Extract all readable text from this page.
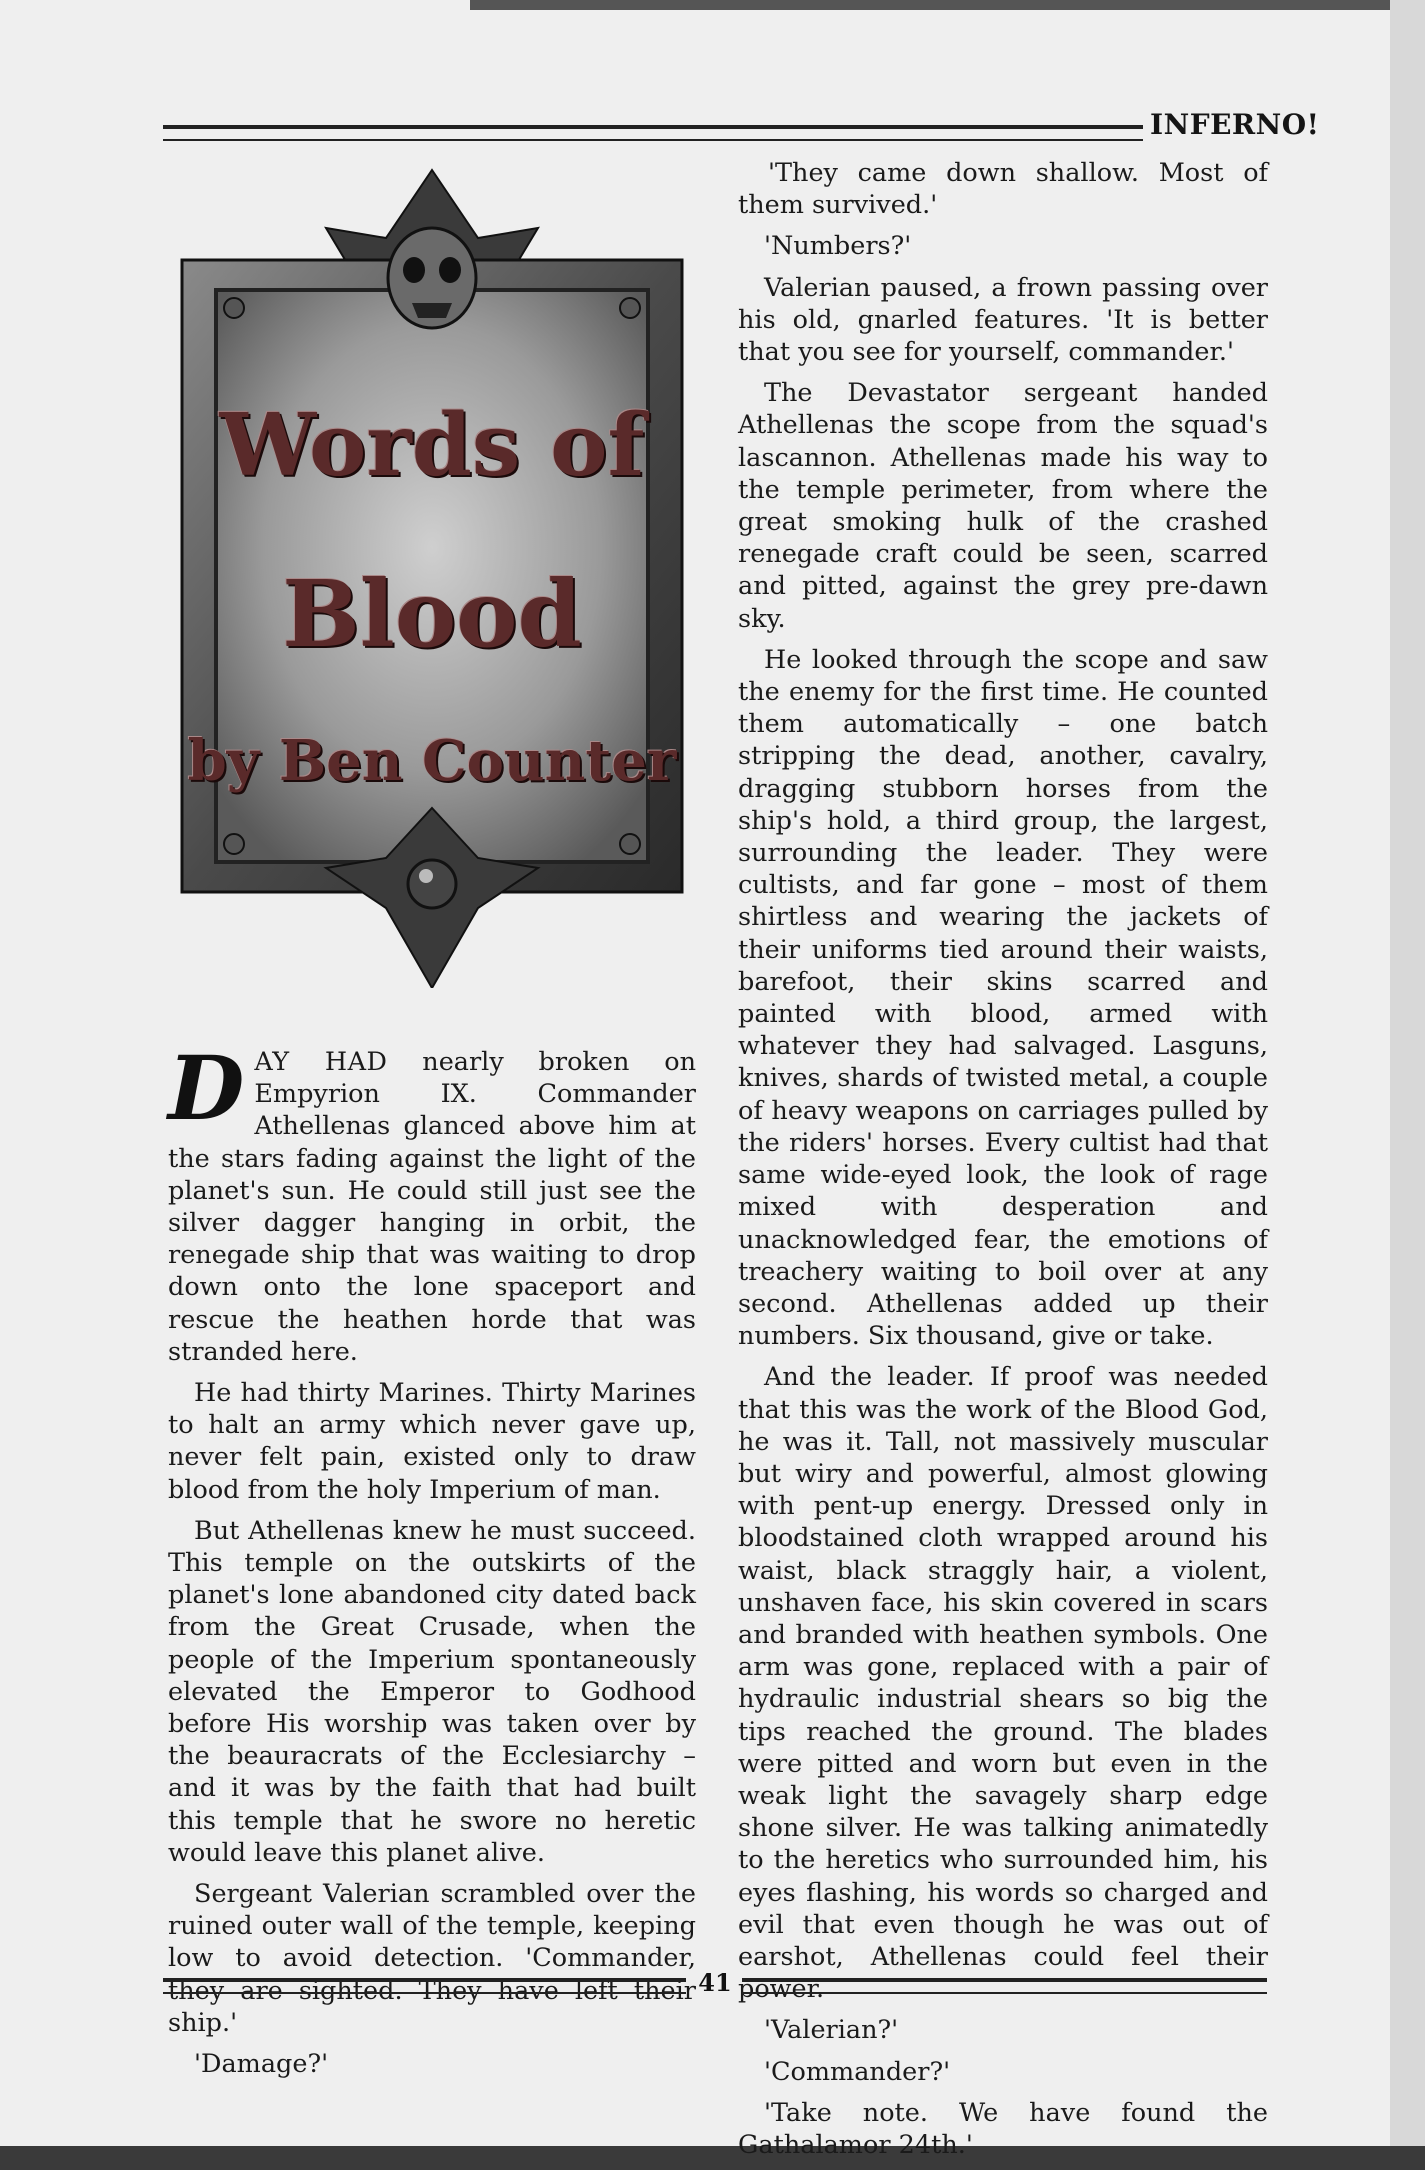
INFERNO!
Words of
Blood
by Ben Counter

DAY HAD nearly broken on Empyrion IX. Commander Athellenas glanced above him at the stars fading against the light of the planet's sun. He could still just see the silver dagger hanging in orbit, the renegade ship that was waiting to drop down onto the lone spaceport and rescue the heathen horde that was stranded here.

He had thirty Marines. Thirty Marines to halt an army which never gave up, never felt pain, existed only to draw blood from the holy Imperium of man.

But Athellenas knew he must succeed. This temple on the outskirts of the planet's lone abandoned city dated back from the Great Crusade, when the people of the Imperium spontaneously elevated the Emperor to Godhood before His worship was taken over by the beauracrats of the Ecclesiarchy – and it was by the faith that had built this temple that he swore no heretic would leave this planet alive.

Sergeant Valerian scrambled over the ruined outer wall of the temple, keeping low to avoid detection. 'Commander, they are sighted. They have left their ship.'

'Damage?'

'They came down shallow. Most of them survived.'

'Numbers?'

Valerian paused, a frown passing over his old, gnarled features. 'It is better that you see for yourself, commander.'

The Devastator sergeant handed Athellenas the scope from the squad's lascannon. Athellenas made his way to the temple perimeter, from where the great smoking hulk of the crashed renegade craft could be seen, scarred and pitted, against the grey pre-dawn sky.

He looked through the scope and saw the enemy for the first time. He counted them automatically – one batch stripping the dead, another, cavalry, dragging stubborn horses from the ship's hold, a third group, the largest, surrounding the leader. They were cultists, and far gone – most of them shirtless and wearing the jackets of their uniforms tied around their waists, barefoot, their skins scarred and painted with blood, armed with whatever they had salvaged. Lasguns, knives, shards of twisted metal, a couple of heavy weapons on carriages pulled by the riders' horses. Every cultist had that same wide-eyed look, the look of rage mixed with desperation and unacknowledged fear, the emotions of treachery waiting to boil over at any second. Athellenas added up their numbers. Six thousand, give or take.

And the leader. If proof was needed that this was the work of the Blood God, he was it. Tall, not massively muscular but wiry and powerful, almost glowing with pent-up energy. Dressed only in bloodstained cloth wrapped around his waist, black straggly hair, a violent, unshaven face, his skin covered in scars and branded with heathen symbols. One arm was gone, replaced with a pair of hydraulic industrial shears so big the tips reached the ground. The blades were pitted and worn but even in the weak light the savagely sharp edge shone silver. He was talking animatedly to the heretics who surrounded him, his eyes flashing, his words so charged and evil that even though he was out of earshot, Athellenas could feel their power.

'Valerian?'

'Commander?'

'Take note. We have found the Gathalamor 24th.'

41
